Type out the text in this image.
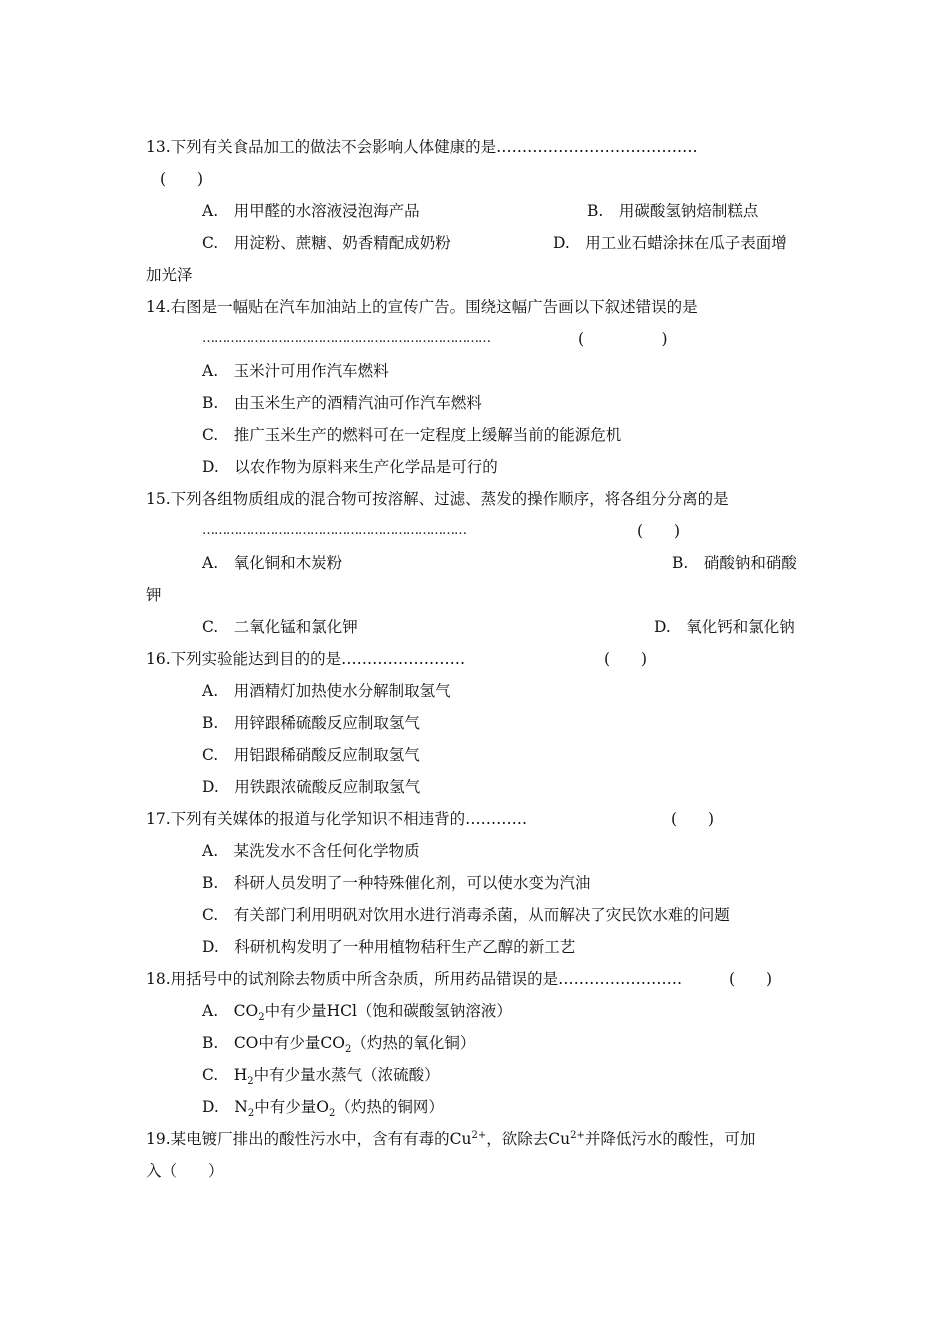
13.下列有关食品加工的做法不会影响人体健康的是…………………………………
(　　)
A.　用甲醛的水溶液浸泡海产品	B.　用碳酸氢钠焙制糕点
C.　用淀粉、蔗糖、奶香精配成奶粉	D.　用工业石蜡涂抹在瓜子表面增
加光泽
14.右图是一幅贴在汽车加油站上的宣传广告。围绕这幅广告画以下叙述错误的是
………………………………………………………………	(　　　　　)
A.　玉米汁可用作汽车燃料
B.　由玉米生产的酒精汽油可作汽车燃料
C.　推广玉米生产的燃料可在一定程度上缓解当前的能源危机
D.　以农作物为原料来生产化学品是可行的
15.下列各组物质组成的混合物可按溶解、过滤、蒸发的操作顺序，将各组分分离的是
…………………………………………………………	(　　)
A.　氧化铜和木炭粉	B.　硝酸钠和硝酸
钾
C.　二氧化锰和氯化钾	D.　氧化钙和氯化钠
16.下列实验能达到目的的是……………………	(　　)
A.　用酒精灯加热使水分解制取氢气
B.　用锌跟稀硫酸反应制取氢气
C.　用铝跟稀硝酸反应制取氢气
D.　用铁跟浓硫酸反应制取氢气
17.下列有关媒体的报道与化学知识不相违背的…………	(　　)
A.　某洗发水不含任何化学物质
B.　科研人员发明了一种特殊催化剂，可以使水变为汽油
C.　有关部门利用明矾对饮用水进行消毒杀菌，从而解决了灾民饮水难的问题
D.　科研机构发明了一种用植物秸秆生产乙醇的新工艺
18.用括号中的试剂除去物质中所含杂质，所用药品错误的是……………………	(　　)
A.　$CO_2$中有少量HCl（饱和碳酸氢钠溶液）
B.　CO中有少量$CO_2$（灼热的氧化铜）
C.　$H_2$中有少量水蒸气（浓硫酸）
D.　$N_2$中有少量$O_2$（灼热的铜网）
19.某电镀厂排出的酸性污水中，含有有毒的$Cu^{2+}$，欲除去$Cu^{2+}$并降低污水的酸性，可加
入（　　）
